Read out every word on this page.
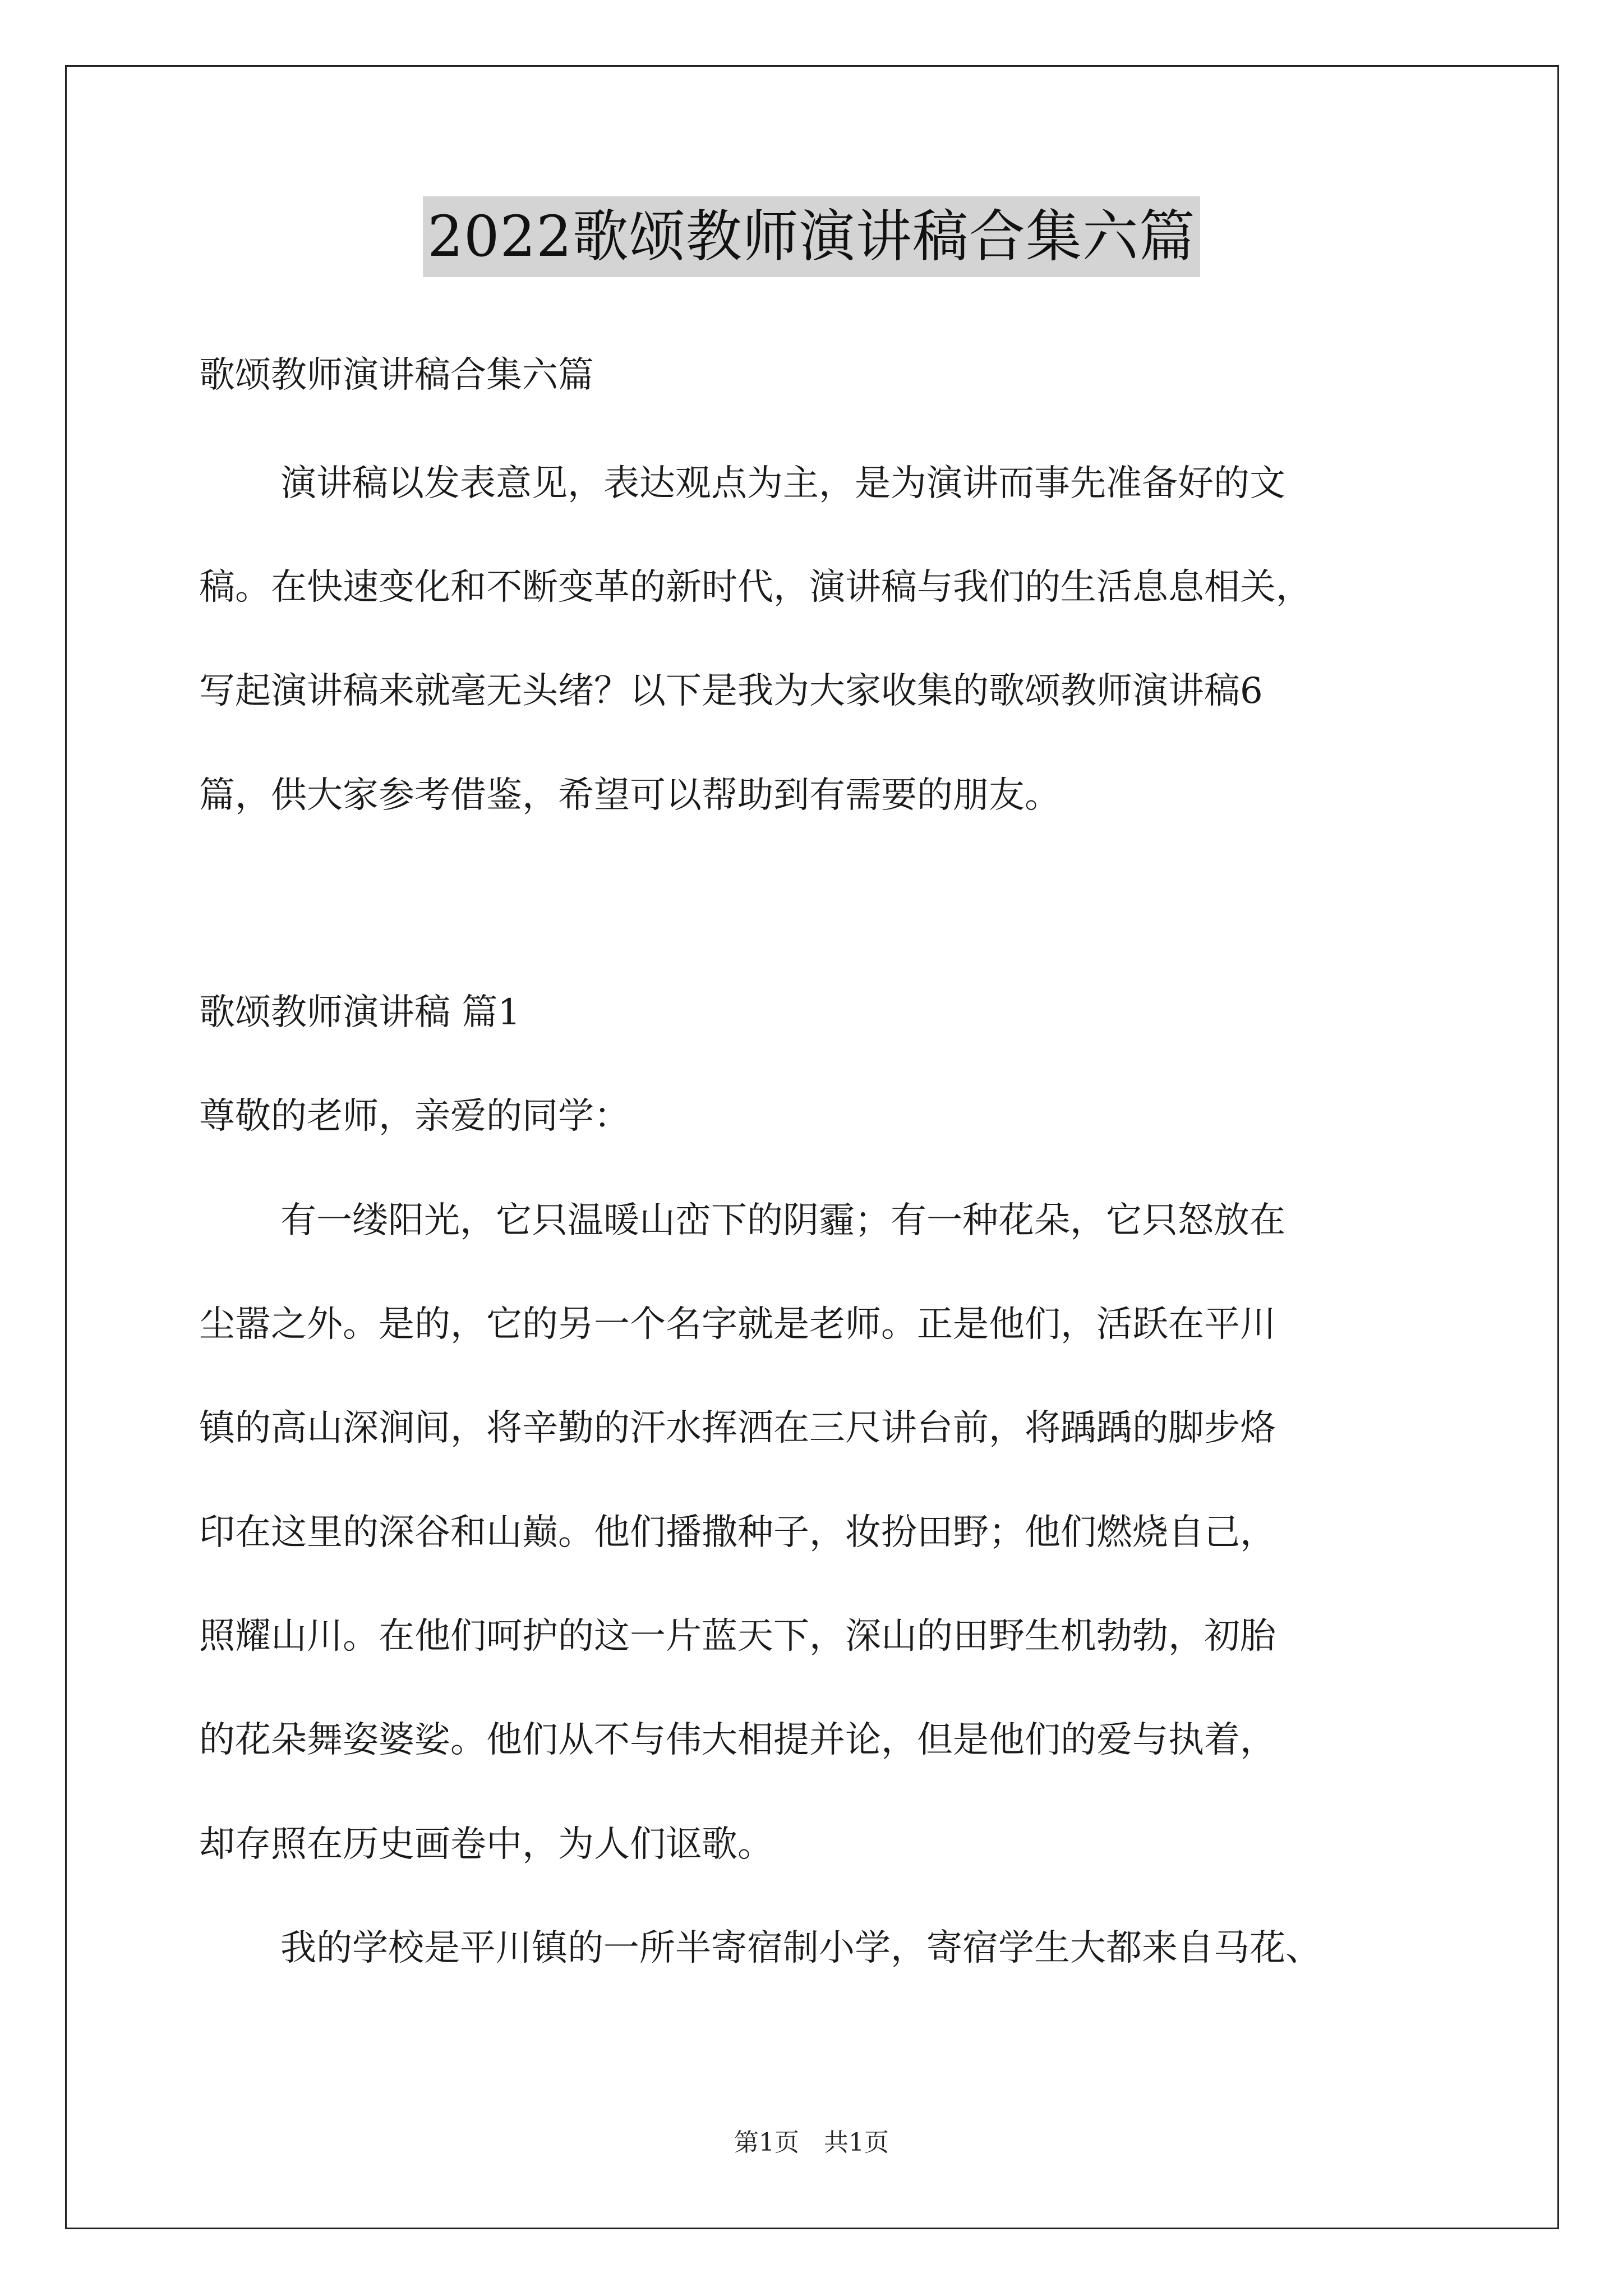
2022歌颂教师演讲稿合集六篇
歌颂教师演讲稿合集六篇
演讲稿以发表意见，表达观点为主，是为演讲而事先准备好的文
稿。在快速变化和不断变革的新时代，演讲稿与我们的生活息息相关，
写起演讲稿来就毫无头绪？以下是我为大家收集的歌颂教师演讲稿6
篇，供大家参考借鉴，希望可以帮助到有需要的朋友。
歌颂教师演讲稿 篇1
尊敬的老师，亲爱的同学：
有一缕阳光，它只温暖山峦下的阴霾；有一种花朵，它只怒放在
尘嚣之外。是的，它的另一个名字就是老师。正是他们，活跃在平川
镇的高山深涧间，将辛勤的汗水挥洒在三尺讲台前，将踽踽的脚步烙
印在这里的深谷和山巅。他们播撒种子，妆扮田野；他们燃烧自己，
照耀山川。在他们呵护的这一片蓝天下，深山的田野生机勃勃，初胎
的花朵舞姿婆娑。他们从不与伟大相提并论，但是他们的爱与执着，
却存照在历史画卷中，为人们讴歌。
我的学校是平川镇的一所半寄宿制小学，寄宿学生大都来自马花、
第1页　共1页
